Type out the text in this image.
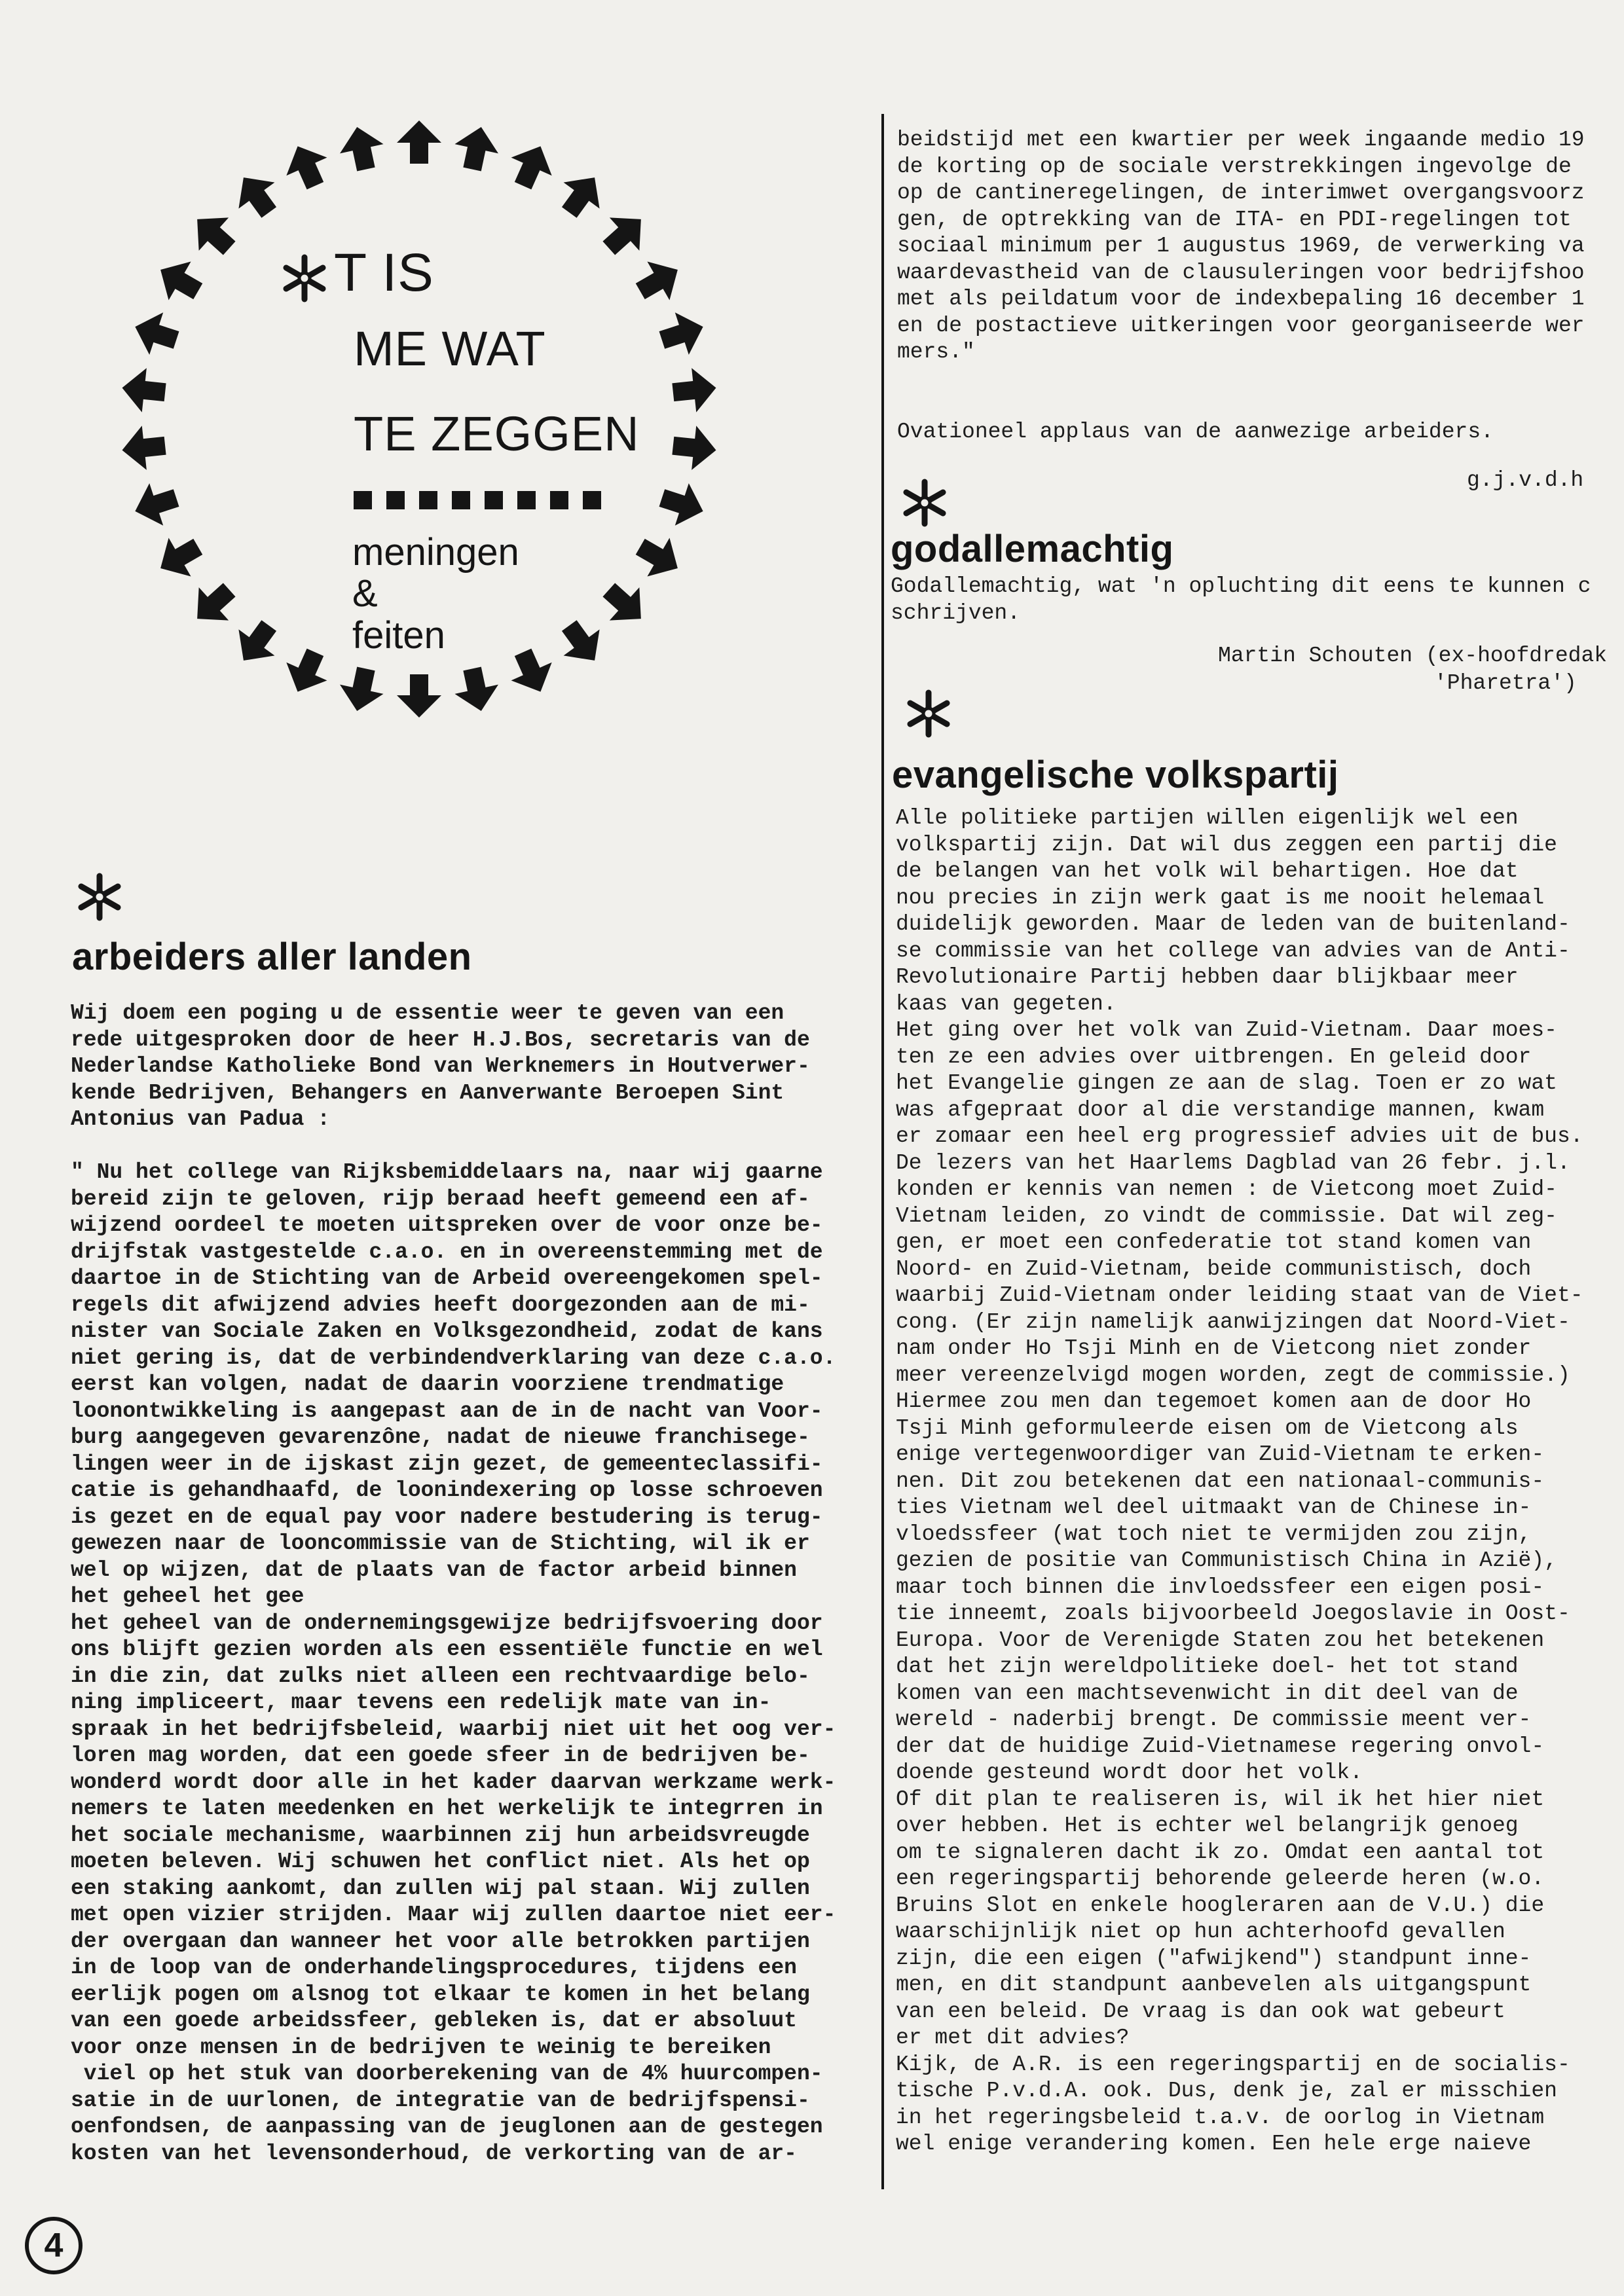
T IS
ME WAT
TE ZEGGEN
meningen
&
feiten
arbeiders aller landen
Wij doem een poging u de essentie weer te geven van een
rede uitgesproken door de heer H.J.Bos, secretaris van de
Nederlandse Katholieke Bond van Werknemers in Houtverwer-
kende Bedrijven, Behangers en Aanverwante Beroepen Sint
Antonius van Padua :
" Nu het college van Rijksbemiddelaars na, naar wij gaarne
bereid zijn te geloven, rijp beraad heeft gemeend een af-
wijzend oordeel te moeten uitspreken over de voor onze be-
drijfstak vastgestelde c.a.o. en in overeenstemming met de
daartoe in de Stichting van de Arbeid overeengekomen spel-
regels dit afwijzend advies heeft doorgezonden aan de mi-
nister van Sociale Zaken en Volksgezondheid, zodat de kans
niet gering is, dat de verbindendverklaring van deze c.a.o.
eerst kan volgen, nadat de daarin voorziene trendmatige
loonontwikkeling is aangepast aan de in de nacht van Voor-
burg aangegeven gevarenzône, nadat de nieuwe franchisege-
lingen weer in de ijskast zijn gezet, de gemeenteclassifi-
catie is gehandhaafd, de loonindexering op losse schroeven
is gezet en de equal pay voor nadere bestudering is terug-
gewezen naar de looncommissie van de Stichting, wil ik er
wel op wijzen, dat de plaats van de factor arbeid binnen
het geheel het gee
het geheel van de ondernemingsgewijze bedrijfsvoering door
ons blijft gezien worden als een essentiële functie en wel
in die zin, dat zulks niet alleen een rechtvaardige belo-
ning impliceert, maar tevens een redelijk mate van in-
spraak in het bedrijfsbeleid, waarbij niet uit het oog ver-
loren mag worden, dat een goede sfeer in de bedrijven be-
wonderd wordt door alle in het kader daarvan werkzame werk-
nemers te laten meedenken en het werkelijk te integrren in
het sociale mechanisme, waarbinnen zij hun arbeidsvreugde
moeten beleven. Wij schuwen het conflict niet. Als het op
een staking aankomt, dan zullen wij pal staan. Wij zullen
met open vizier strijden. Maar wij zullen daartoe niet eer-
der overgaan dan wanneer het voor alle betrokken partijen
in de loop van de onderhandelingsprocedures, tijdens een
eerlijk pogen om alsnog tot elkaar te komen in het belang
van een goede arbeidssfeer, gebleken is, dat er absoluut
voor onze mensen in de bedrijven te weinig te bereiken
viel op het stuk van doorberekening van de 4% huurcompen-
satie in de uurlonen, de integratie van de bedrijfspensi-
oenfondsen, de aanpassing van de jeuglonen aan de gestegen
kosten van het levensonderhoud, de verkorting van de ar-
beidstijd met een kwartier per week ingaande medio 19
de korting op de sociale verstrekkingen ingevolge de
op de cantineregelingen, de interimwet overgangsvoorz
gen, de optrekking van de ITA- en PDI-regelingen tot
sociaal minimum per 1 augustus 1969, de verwerking va
waardevastheid van de clausuleringen voor bedrijfshoo
met als peildatum voor de indexbepaling 16 december 1
en de postactieve uitkeringen voor georganiseerde wer
mers."
Ovationeel applaus van de aanwezige arbeiders.
g.j.v.d.h
godallemachtig
Godallemachtig, wat 'n opluchting dit eens te kunnen c
schrijven.
Martin Schouten (ex-hoofdredak
'Pharetra')
evangelische volkspartij
Alle politieke partijen willen eigenlijk wel een
volkspartij zijn. Dat wil dus zeggen een partij die
de belangen van het volk wil behartigen. Hoe dat
nou precies in zijn werk gaat is me nooit helemaal
duidelijk geworden. Maar de leden van de buitenland-
se commissie van het college van advies van de Anti-
Revolutionaire Partij hebben daar blijkbaar meer
kaas van gegeten.
Het ging over het volk van Zuid-Vietnam. Daar moes-
ten ze een advies over uitbrengen. En geleid door
het Evangelie gingen ze aan de slag. Toen er zo wat
was afgepraat door al die verstandige mannen, kwam
er zomaar een heel erg progressief advies uit de bus.
De lezers van het Haarlems Dagblad van 26 febr. j.l.
konden er kennis van nemen : de Vietcong moet Zuid-
Vietnam leiden, zo vindt de commissie. Dat wil zeg-
gen, er moet een confederatie tot stand komen van
Noord- en Zuid-Vietnam, beide communistisch, doch
waarbij Zuid-Vietnam onder leiding staat van de Viet-
cong. (Er zijn namelijk aanwijzingen dat Noord-Viet-
nam onder Ho Tsji Minh en de Vietcong niet zonder
meer vereenzelvigd mogen worden, zegt de commissie.)
Hiermee zou men dan tegemoet komen aan de door Ho
Tsji Minh geformuleerde eisen om de Vietcong als
enige vertegenwoordiger van Zuid-Vietnam te erken-
nen. Dit zou betekenen dat een nationaal-communis-
ties Vietnam wel deel uitmaakt van de Chinese in-
vloedssfeer (wat toch niet te vermijden zou zijn,
gezien de positie van Communistisch China in Azië),
maar toch binnen die invloedssfeer een eigen posi-
tie inneemt, zoals bijvoorbeeld Joegoslavie in Oost-
Europa. Voor de Verenigde Staten zou het betekenen
dat het zijn wereldpolitieke doel- het tot stand
komen van een machtsevenwicht in dit deel van de
wereld - naderbij brengt. De commissie meent ver-
der dat de huidige Zuid-Vietnamese regering onvol-
doende gesteund wordt door het volk.
Of dit plan te realiseren is, wil ik het hier niet
over hebben. Het is echter wel belangrijk genoeg
om te signaleren dacht ik zo. Omdat een aantal tot
een regeringspartij behorende geleerde heren (w.o.
Bruins Slot en enkele hoogleraren aan de V.U.) die
waarschijnlijk niet op hun achterhoofd gevallen
zijn, die een eigen ("afwijkend") standpunt inne-
men, en dit standpunt aanbevelen als uitgangspunt
van een beleid. De vraag is dan ook wat gebeurt
er met dit advies?
Kijk, de A.R. is een regeringspartij en de socialis-
tische P.v.d.A. ook. Dus, denk je, zal er misschien
in het regeringsbeleid t.a.v. de oorlog in Vietnam
wel enige verandering komen. Een hele erge naieve
4
